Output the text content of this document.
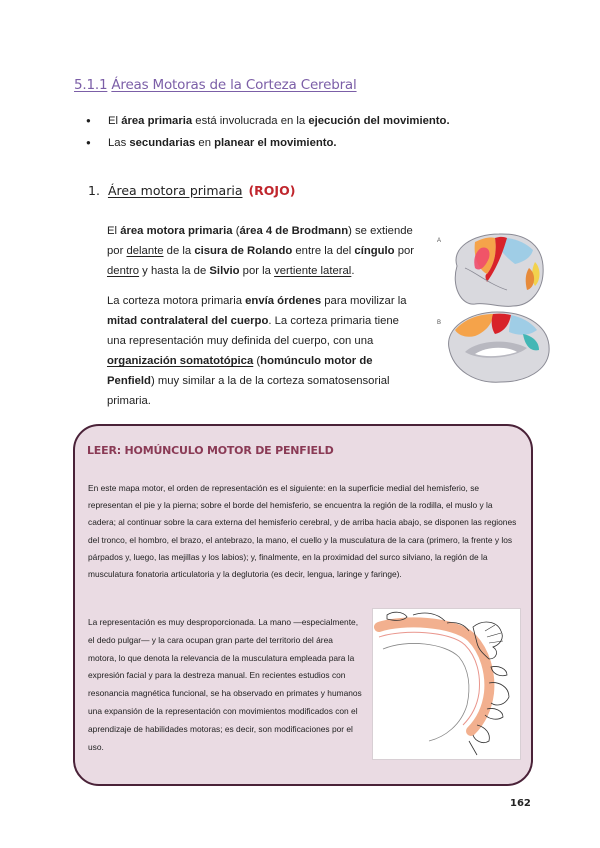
5.1.1 Áreas Motoras de la Corteza Cerebral
● El área primaria está involucrada en la ejecución del movimiento.
● Las secundarias en planear el movimiento.
1. Área motora primaria (ROJO)
El área motora primaria (área 4 de Brodmann) se extiende por delante de la cisura de Rolando entre la del cíngulo por dentro y hasta la de Silvio por la vertiente lateral.
La corteza motora primaria envía órdenes para movilizar la mitad contralateral del cuerpo. La corteza primaria tiene una representación muy definida del cuerpo, con una organización somatotópica (homúnculo motor de Penfield) muy similar a la de la corteza somatosensorial primaria.
A
B
LEER: HOMÚNCULO MOTOR DE PENFIELD
En este mapa motor, el orden de representación es el siguiente: en la superficie medial del hemisferio, se representan el pie y la pierna; sobre el borde del hemisferio, se encuentra la región de la rodilla, el muslo y la cadera; al continuar sobre la cara externa del hemisferio cerebral, y de arriba hacia abajo, se disponen las regiones del tronco, el hombro, el brazo, el antebrazo, la mano, el cuello y la musculatura de la cara (primero, la frente y los párpados y, luego, las mejillas y los labios); y, finalmente, en la proximidad del surco silviano, la región de la musculatura fonatoria articulatoria y la deglutoria (es decir, lengua, laringe y faringe).
La representación es muy desproporcionada. La mano —especialmente, el dedo pulgar— y la cara ocupan gran parte del territorio del área motora, lo que denota la relevancia de la musculatura empleada para la expresión facial y para la destreza manual. En recientes estudios con resonancia magnética funcional, se ha observado en primates y humanos una expansión de la representación con movimientos modificados con el aprendizaje de habilidades motoras; es decir, son modificaciones por el uso.
162
